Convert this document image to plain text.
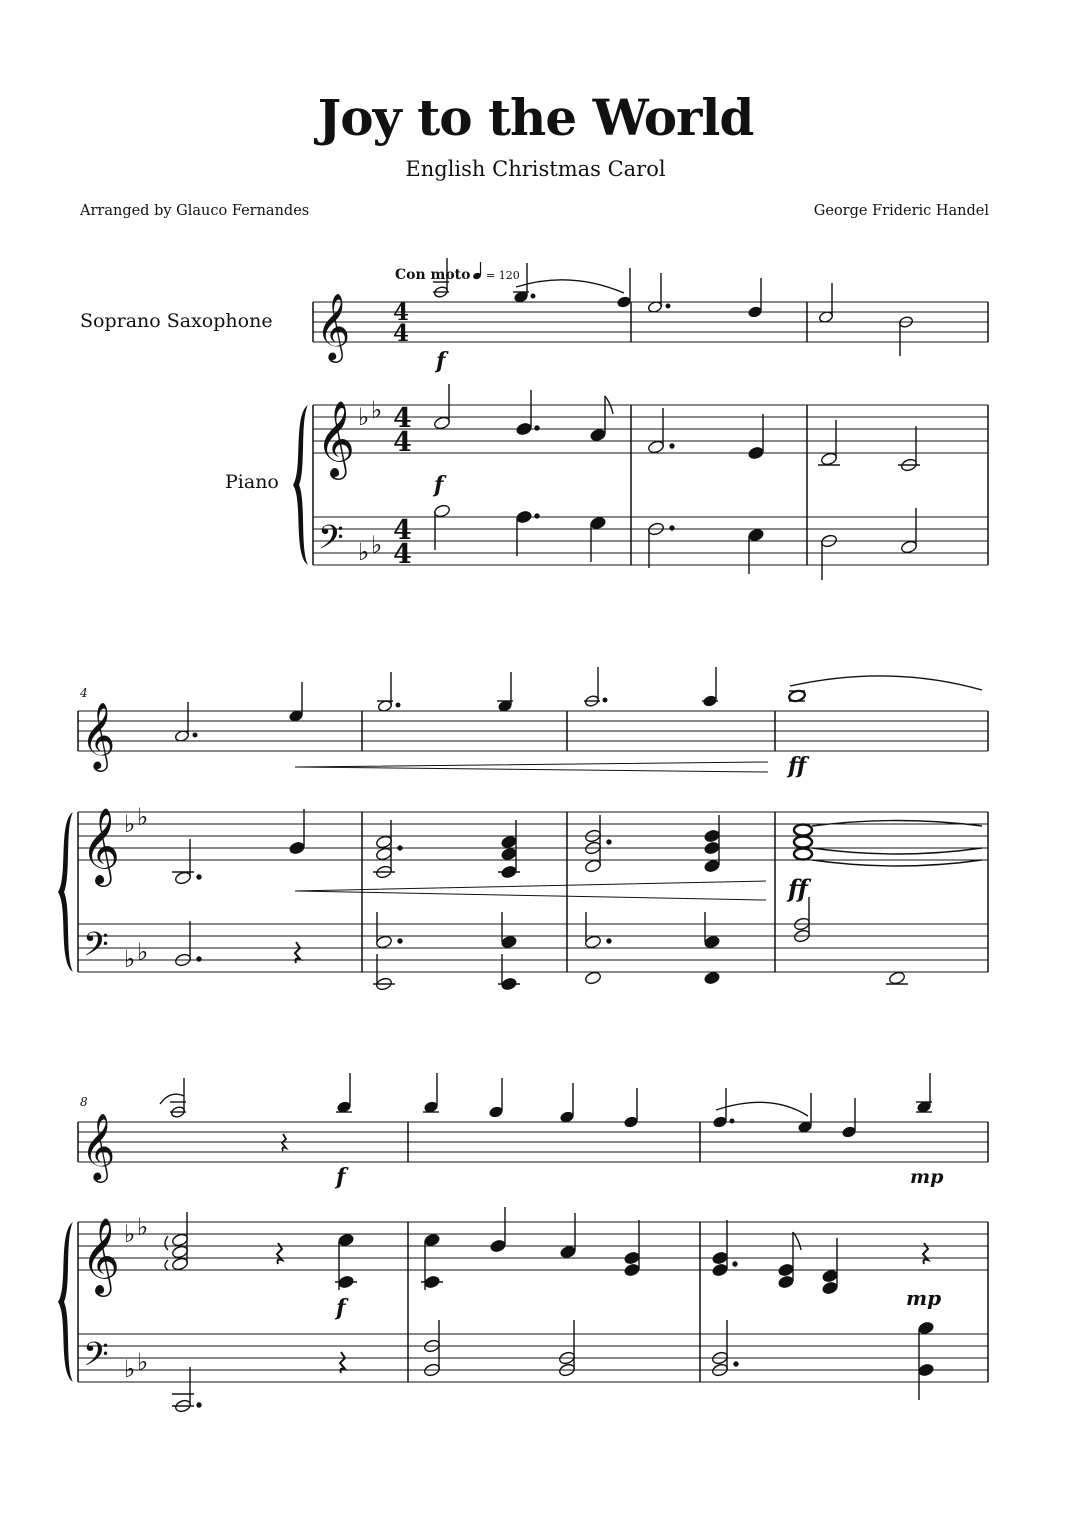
Joy to the World
English Christmas Carol
Arranged by Glauco Fernandes	George Frideric Handel
Soprano Saxophone
Piano
Con moto = 120
𝄞 4
4
f
𝄞 ♭ ♭ 4
4
f
𝄢 ♭ ♭ 4
4
4
𝄞	ff
𝄞 ♭ ♭
ff
𝄢 ♭ ♭
8
𝄞	f	mp
𝄞 ♭ ♭
f	mp
𝄢 ♭ ♭
